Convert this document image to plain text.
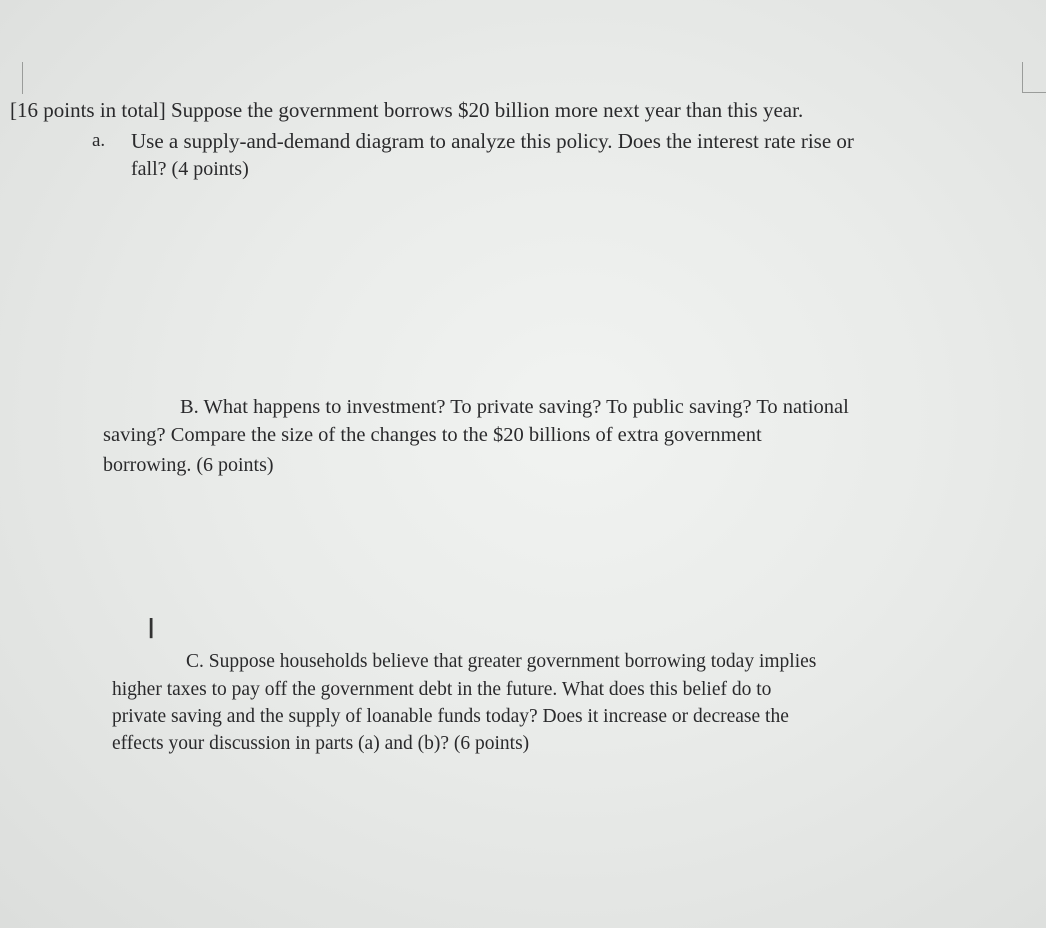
[16 points in total] Suppose the government borrows $20 billion more next year than this year.
a. Use a supply-and-demand diagram to analyze this policy. Does the interest rate rise or
fall? (4 points)
B. What happens to investment? To private saving? To public saving? To national
saving? Compare the size of the changes to the $20 billions of extra government
borrowing. (6 points)
I
C. Suppose households believe that greater government borrowing today implies
higher taxes to pay off the government debt in the future. What does this belief do to
private saving and the supply of loanable funds today? Does it increase or decrease the
effects your discussion in parts (a) and (b)? (6 points)
